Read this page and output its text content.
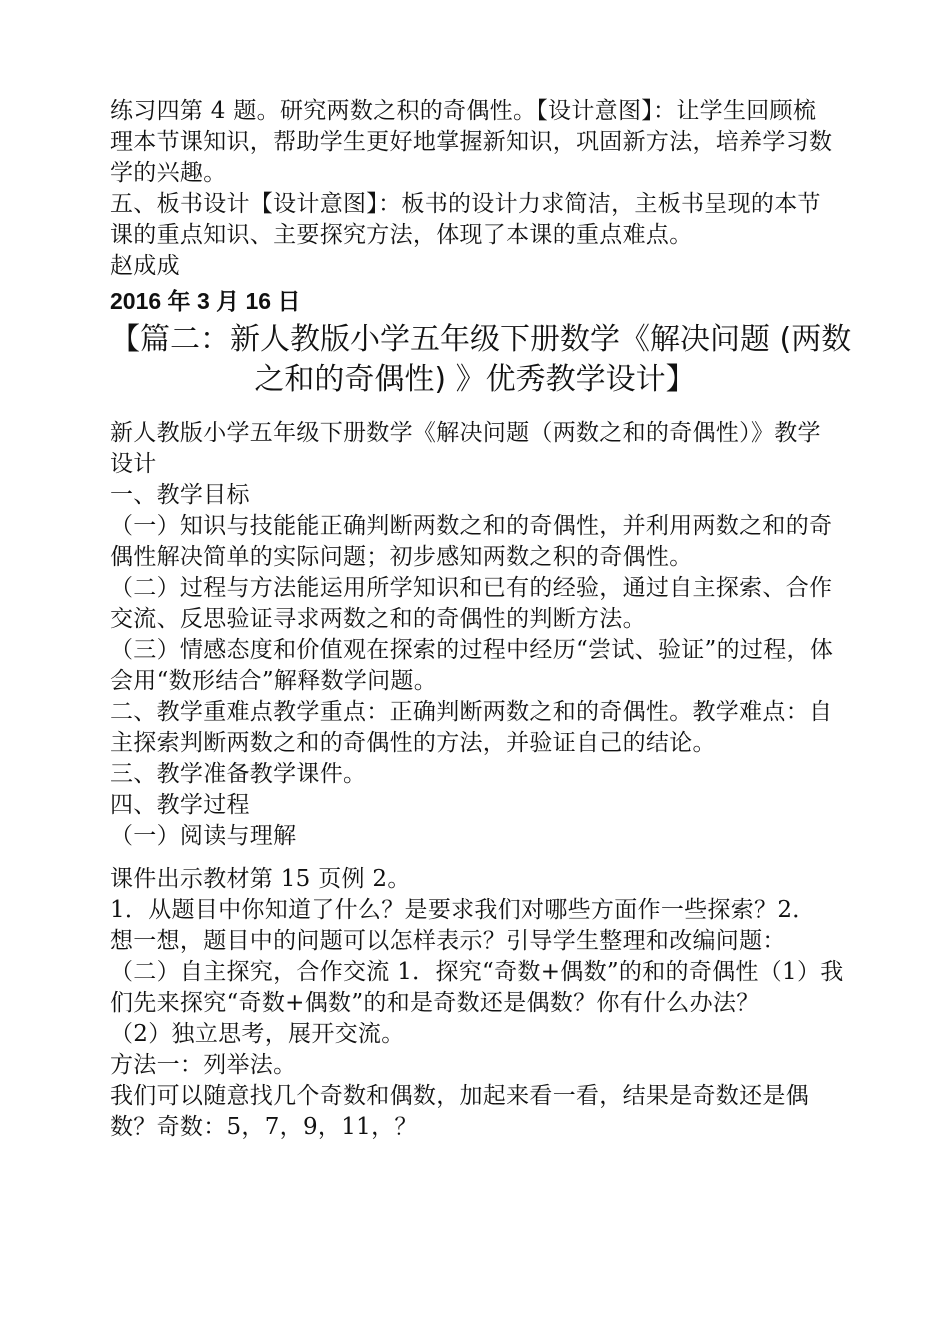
练习四第 4 题。研究两数之积的奇偶性。【设计意图】：让学生回顾梳
理本节课知识，帮助学生更好地掌握新知识，巩固新方法，培养学习数
学的兴趣。
五、板书设计【设计意图】：板书的设计力求简洁，主板书呈现的本节
课的重点知识、主要探究方法，体现了本课的重点难点。
赵成成
2016 年 3 月 16 日
【篇二：新人教版小学五年级下册数学《解决问题 (两数
之和的奇偶性) 》优秀教学设计】
新人教版小学五年级下册数学《解决问题（两数之和的奇偶性）》教学
设计
一、教学目标
（一）知识与技能能正确判断两数之和的奇偶性，并利用两数之和的奇
偶性解决简单的实际问题；初步感知两数之积的奇偶性。
（二）过程与方法能运用所学知识和已有的经验，通过自主探索、合作
交流、反思验证寻求两数之和的奇偶性的判断方法。
（三）情感态度和价值观在探索的过程中经历“尝试、验证”的过程，体
会用“数形结合”解释数学问题。
二、教学重难点教学重点：正确判断两数之和的奇偶性。教学难点：自
主探索判断两数之和的奇偶性的方法，并验证自己的结论。
三、教学准备教学课件。
四、教学过程
（一）阅读与理解
课件出示教材第 15 页例 2。
1．从题目中你知道了什么？是要求我们对哪些方面作一些探索？2．
想一想，题目中的问题可以怎样表示？引导学生整理和改编问题：
（二）自主探究，合作交流 1．探究“奇数+偶数”的和的奇偶性（1）我
们先来探究“奇数+偶数”的和是奇数还是偶数？你有什么办法？
（2）独立思考，展开交流。
方法一：列举法。
我们可以随意找几个奇数和偶数，加起来看一看，结果是奇数还是偶
数？奇数：5，7，9，11，？
